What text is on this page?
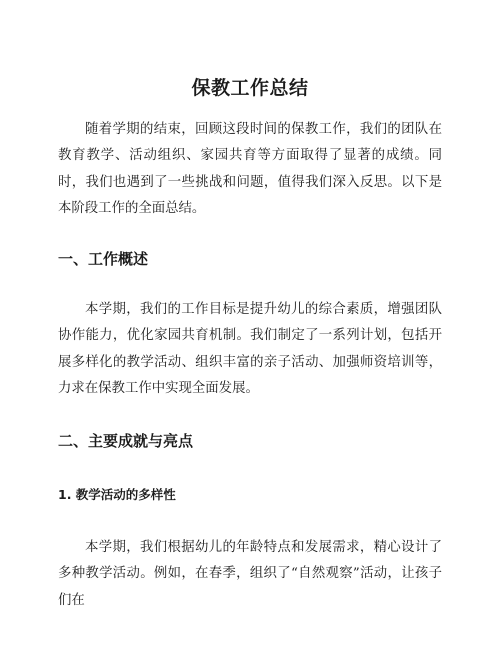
保教工作总结

随着学期的结束，回顾这段时间的保教工作，我们的团队在教育教学、活动组织、家园共育等方面取得了显著的成绩。同时，我们也遇到了一些挑战和问题，值得我们深入反思。以下是本阶段工作的全面总结。

一、工作概述

本学期，我们的工作目标是提升幼儿的综合素质，增强团队协作能力，优化家园共育机制。我们制定了一系列计划，包括开展多样化的教学活动、组织丰富的亲子活动、加强师资培训等，力求在保教工作中实现全面发展。

二、主要成就与亮点
1. 教学活动的多样性

本学期，我们根据幼儿的年龄特点和发展需求，精心设计了多种教学活动。例如，在春季，组织了“自然观察”活动，让孩子们在
